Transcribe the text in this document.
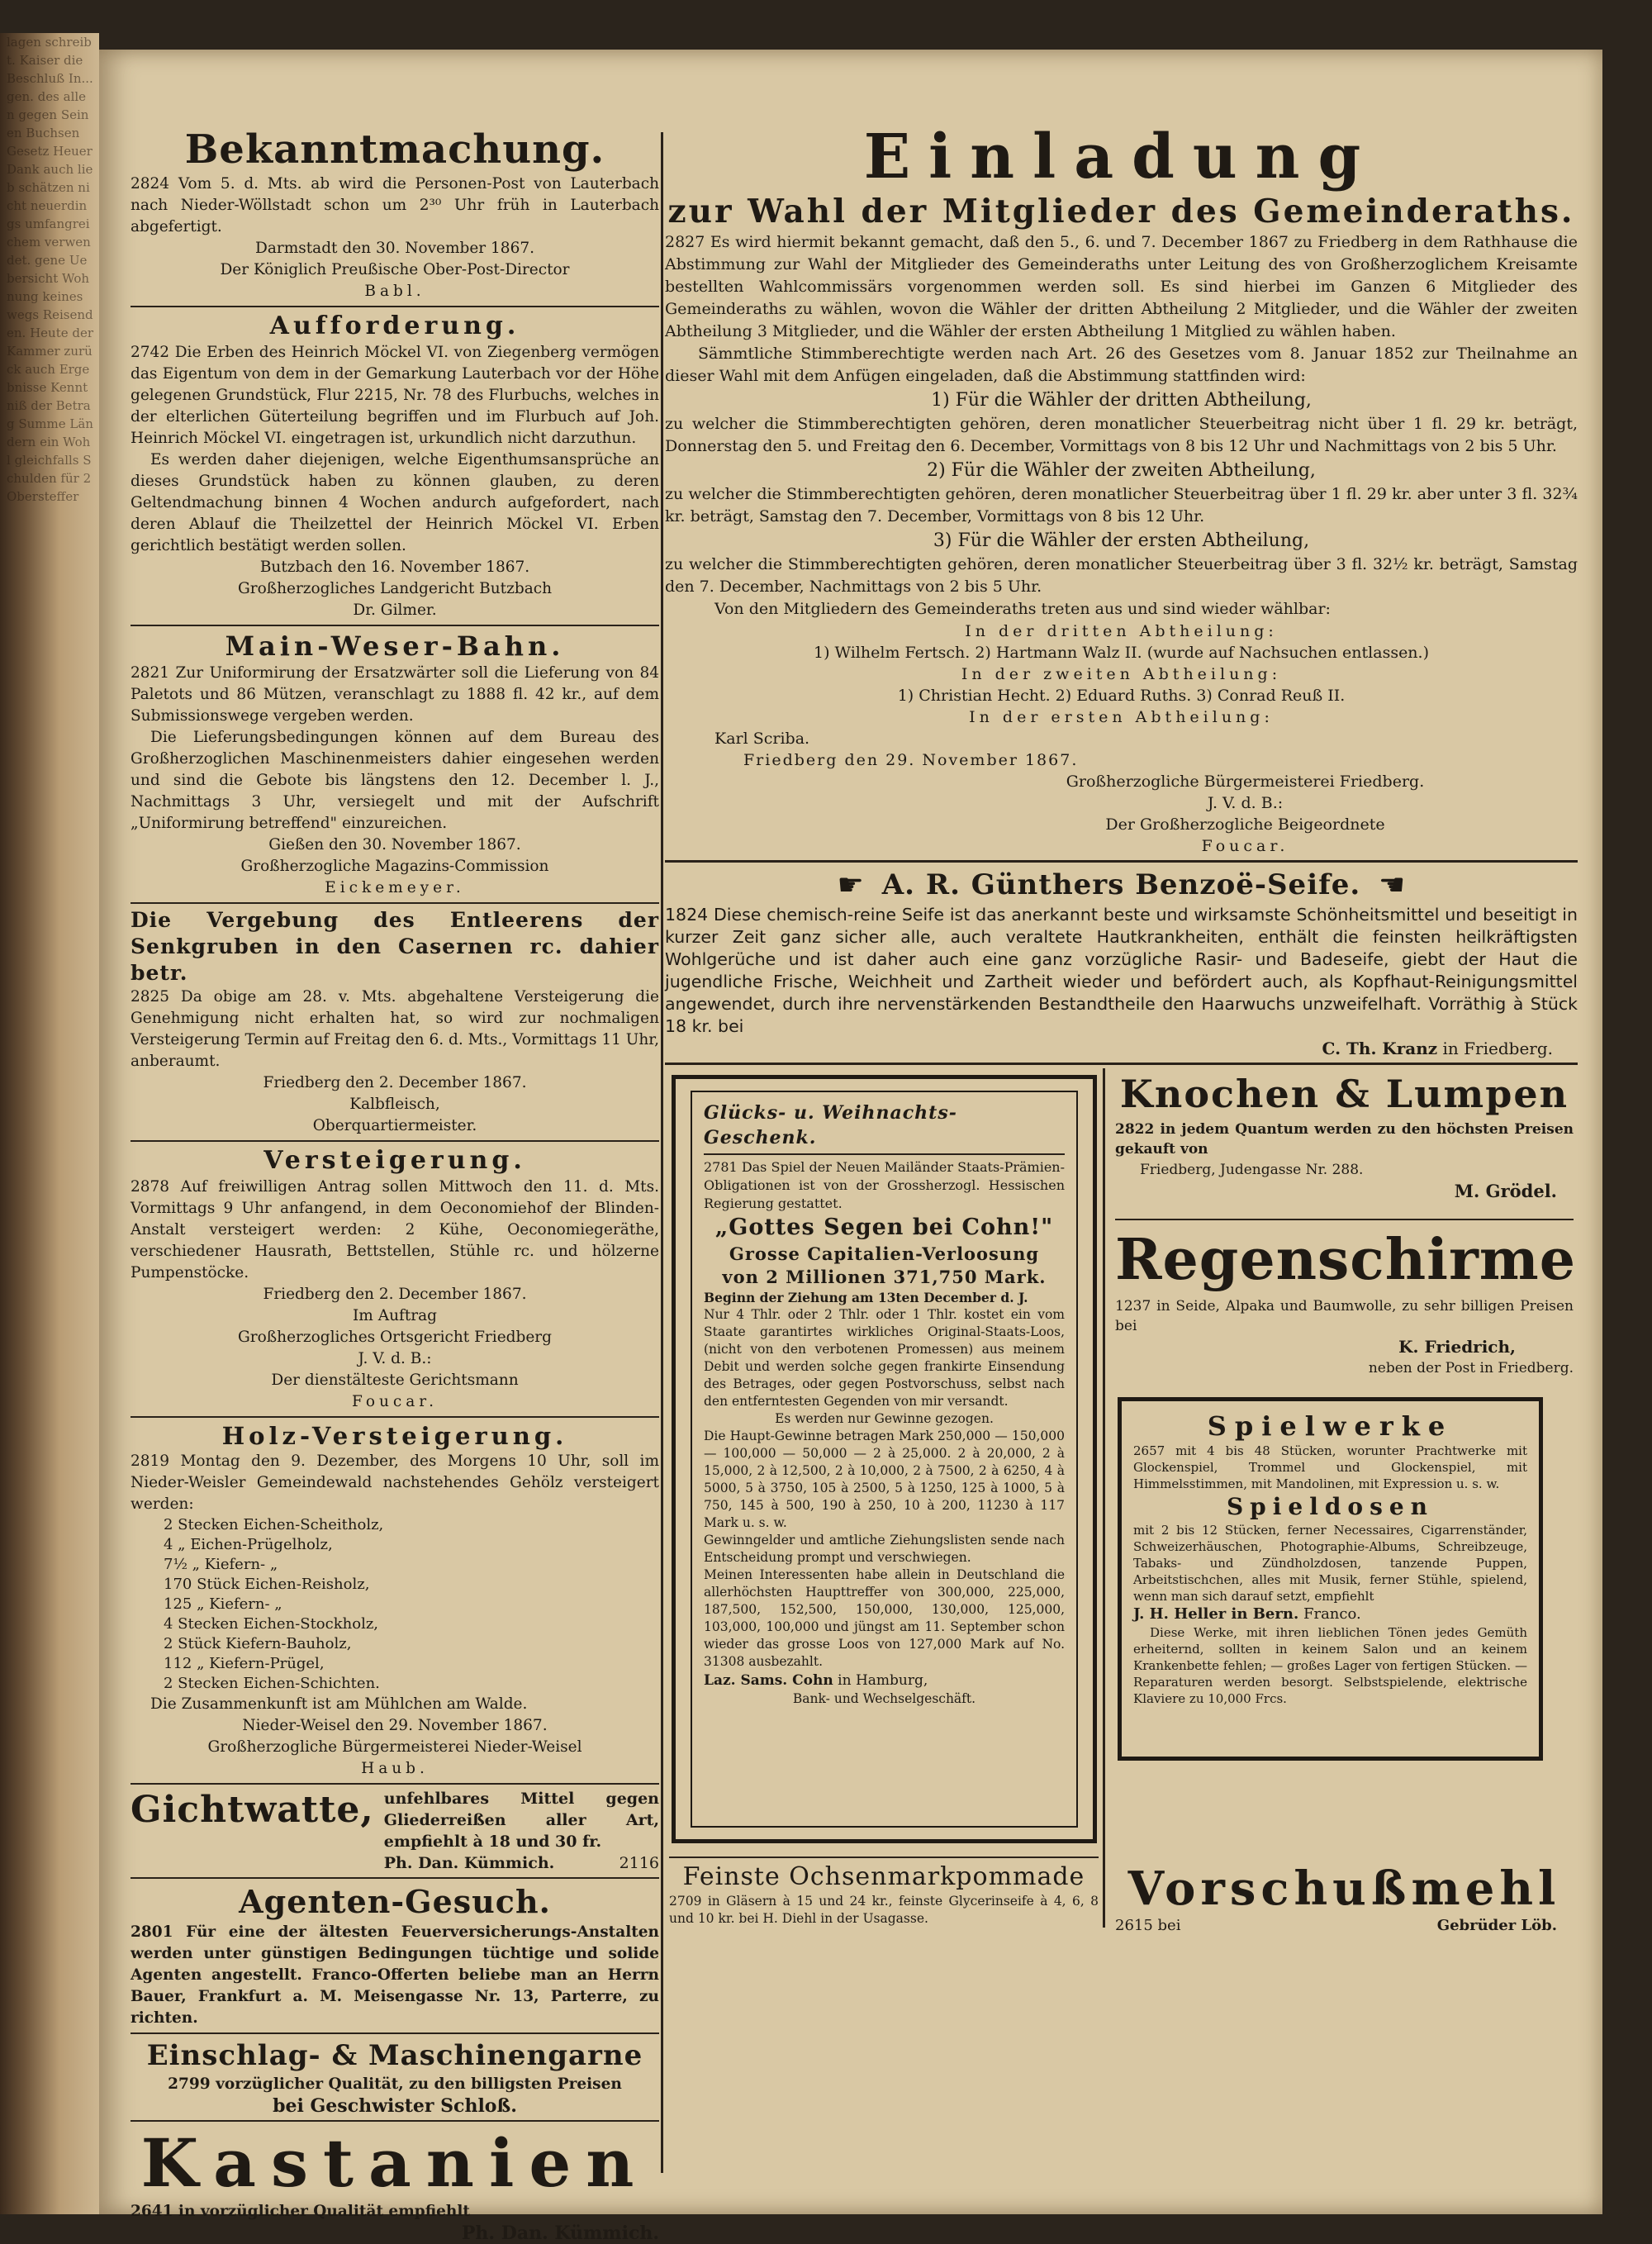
lagen schreibt. Kaiser die Beschluß In... gen. des allen gegen Seinen Buchsen Gesetz Heuer Dank auch lieb schätzen nicht neuerdings umfangreichem verwendet. gene Uebersicht Wohnung keineswegs Reisenden. Heute der Kammer zurück auch Ergebnisse Kenntniß der Betrag Summe Ländern ein Wohl gleichfalls Schulden für 2 Obersteffer
Bekanntmachung.

2824 Vom 5. d. Mts. ab wird die Personen-Post von Lauterbach nach Nieder-Wöllstadt schon um 2³⁰ Uhr früh in Lauterbach abgefertigt.

Darmstadt den 30. November 1867.

Der Königlich Preußische Ober-Post-Director

Babl.

Aufforderung.

2742 Die Erben des Heinrich Möckel VI. von Ziegenberg vermögen das Eigentum von dem in der Gemarkung Lauterbach vor der Höhe gelegenen Grundstück, Flur 2215, Nr. 78 des Flurbuchs, welches in der elterlichen Güterteilung begriffen und im Flurbuch auf Joh. Heinrich Möckel VI. eingetragen ist, urkundlich nicht darzuthun.

Es werden daher diejenigen, welche Eigenthumsansprüche an dieses Grundstück haben zu können glauben, zu deren Geltendmachung binnen 4 Wochen andurch aufgefordert, nach deren Ablauf die Theilzettel der Heinrich Möckel VI. Erben gerichtlich bestätigt werden sollen.

Butzbach den 16. November 1867.

Großherzogliches Landgericht Butzbach

Dr. Gilmer.

Main-Weser-Bahn.

2821 Zur Uniformirung der Ersatzwärter soll die Lieferung von 84 Paletots und 86 Mützen, veranschlagt zu 1888 fl. 42 kr., auf dem Submissionswege vergeben werden.

Die Lieferungsbedingungen können auf dem Bureau des Großherzoglichen Maschinenmeisters dahier eingesehen werden und sind die Gebote bis längstens den 12. December l. J., Nachmittags 3 Uhr, versiegelt und mit der Aufschrift „Uniformirung betreffend" einzureichen.

Gießen den 30. November 1867.

Großherzogliche Magazins-Commission

Eickemeyer.

Die Vergebung des Entleerens der Senkgruben in den Casernen rc. dahier betr.

2825 Da obige am 28. v. Mts. abgehaltene Versteigerung die Genehmigung nicht erhalten hat, so wird zur nochmaligen Versteigerung Termin auf Freitag den 6. d. Mts., Vormittags 11 Uhr, anberaumt.

Friedberg den 2. December 1867.

Kalbfleisch,

Oberquartiermeister.

Versteigerung.

2878 Auf freiwilligen Antrag sollen Mittwoch den 11. d. Mts. Vormittags 9 Uhr anfangend, in dem Oeconomiehof der Blinden-Anstalt versteigert werden: 2 Kühe, Oeconomiegeräthe, verschiedener Hausrath, Bettstellen, Stühle rc. und hölzerne Pumpenstöcke.

Friedberg den 2. December 1867.

Im Auftrag

Großherzogliches Ortsgericht Friedberg

J. V. d. B.:

Der dienstälteste Gerichtsmann

Foucar.

Holz-Versteigerung.

2819 Montag den 9. Dezember, des Morgens 10 Uhr, soll im Nieder-Weisler Gemeindewald nachstehendes Gehölz versteigert werden:

2 Stecken Eichen-Scheitholz,
4 „ Eichen-Prügelholz,
7½ „ Kiefern- „
170 Stück Eichen-Reisholz,
125 „ Kiefern- „
4 Stecken Eichen-Stockholz,
2 Stück Kiefern-Bauholz,
112 „ Kiefern-Prügel,
2 Stecken Eichen-Schichten.

Die Zusammenkunft ist am Mühlchen am Walde.

Nieder-Weisel den 29. November 1867.

Großherzogliche Bürgermeisterei Nieder-Weisel

Haub.

Gichtwatte, unfehlbares Mittel gegen Gliederreißen aller Art, empfiehlt à 18 und 30 fr.

Ph. Dan. Kümmich.	2116
Agenten-Gesuch.

2801 Für eine der ältesten Feuerversicherungs-Anstalten werden unter günstigen Bedingungen tüchtige und solide Agenten angestellt. Franco-Offerten beliebe man an Herrn Bauer, Frankfurt a. M. Meisengasse Nr. 13, Parterre, zu richten.

Einschlag- & Maschinengarne

2799 vorzüglicher Qualität, zu den billigsten Preisen

bei Geschwister Schloß.

Kastanien

2641 in vorzüglicher Qualität empfiehlt

Ph. Dan. Kümmich.

Einladung
zur Wahl der Mitglieder des Gemeinderaths.

2827 Es wird hiermit bekannt gemacht, daß den 5., 6. und 7. December 1867 zu Friedberg in dem Rathhause die Abstimmung zur Wahl der Mitglieder des Gemeinderaths unter Leitung des von Großherzoglichem Kreisamte bestellten Wahlcommissärs vorgenommen werden soll. Es sind hierbei im Ganzen 6 Mitglieder des Gemeinderaths zu wählen, wovon die Wähler der dritten Abtheilung 2 Mitglieder, und die Wähler der zweiten Abtheilung 3 Mitglieder, und die Wähler der ersten Abtheilung 1 Mitglied zu wählen haben.

Sämmtliche Stimmberechtigte werden nach Art. 26 des Gesetzes vom 8. Januar 1852 zur Theilnahme an dieser Wahl mit dem Anfügen eingeladen, daß die Abstimmung stattfinden wird:

1) Für die Wähler der dritten Abtheilung,

zu welcher die Stimmberechtigten gehören, deren monatlicher Steuerbeitrag nicht über 1 fl. 29 kr. beträgt, Donnerstag den 5. und Freitag den 6. December, Vormittags von 8 bis 12 Uhr und Nachmittags von 2 bis 5 Uhr.

2) Für die Wähler der zweiten Abtheilung,

zu welcher die Stimmberechtigten gehören, deren monatlicher Steuerbeitrag über 1 fl. 29 kr. aber unter 3 fl. 32¾ kr. beträgt, Samstag den 7. December, Vormittags von 8 bis 12 Uhr.

3) Für die Wähler der ersten Abtheilung,

zu welcher die Stimmberechtigten gehören, deren monatlicher Steuerbeitrag über 3 fl. 32½ kr. beträgt, Samstag den 7. December, Nachmittags von 2 bis 5 Uhr.

Von den Mitgliedern des Gemeinderaths treten aus und sind wieder wählbar:

In der dritten Abtheilung:

1) Wilhelm Fertsch. 2) Hartmann Walz II. (wurde auf Nachsuchen entlassen.)

In der zweiten Abtheilung:

1) Christian Hecht. 2) Eduard Ruths. 3) Conrad Reuß II.

In der ersten Abtheilung:

Karl Scriba.

Friedberg den 29. November 1867.

Großherzogliche Bürgermeisterei Friedberg.

J. V. d. B.:

Der Großherzogliche Beigeordnete

Foucar.

☛ A. R. Günthers Benzoë-Seife. ☛

1824 Diese chemisch-reine Seife ist das anerkannt beste und wirksamste Schönheitsmittel und beseitigt in kurzer Zeit ganz sicher alle, auch veraltete Hautkrankheiten, enthält die feinsten heilkräftigsten Wohlgerüche und ist daher auch eine ganz vorzügliche Rasir- und Badeseife, giebt der Haut die jugendliche Frische, Weichheit und Zartheit wieder und befördert auch, als Kopfhaut-Reinigungsmittel angewendet, durch ihre nervenstärkenden Bestandtheile den Haarwuchs unzweifelhaft. Vorräthig à Stück 18 kr. bei

C. Th. Kranz in Friedberg.

Glücks- u. Weihnachts-Geschenk.

2781 Das Spiel der Neuen Mailänder Staats-Prämien-Obligationen ist von der Grossherzogl. Hessischen Regierung gestattet.

„Gottes Segen bei Cohn!"
Grosse Capitalien-Verloosung
von 2 Millionen 371,750 Mark.

Beginn der Ziehung am 13ten December d. J.

Nur 4 Thlr. oder 2 Thlr. oder 1 Thlr. kostet ein vom Staate garantirtes wirkliches Original-Staats-Loos, (nicht von den verbotenen Promessen) aus meinem Debit und werden solche gegen frankirte Einsendung des Betrages, oder gegen Postvorschuss, selbst nach den entferntesten Gegenden von mir versandt.

Es werden nur Gewinne gezogen.

Die Haupt-Gewinne betragen Mark 250,000 — 150,000 — 100,000 — 50,000 — 2 à 25,000. 2 à 20,000, 2 à 15,000, 2 à 12,500, 2 à 10,000, 2 à 7500, 2 à 6250, 4 à 5000, 5 à 3750, 105 à 2500, 5 à 1250, 125 à 1000, 5 à 750, 145 à 500, 190 à 250, 10 à 200, 11230 à 117 Mark u. s. w.

Gewinngelder und amtliche Ziehungslisten sende nach Entscheidung prompt und verschwiegen.

Meinen Interessenten habe allein in Deutschland die allerhöchsten Haupttreffer von 300,000, 225,000, 187,500, 152,500, 150,000, 130,000, 125,000, 103,000, 100,000 und jüngst am 11. September schon wieder das grosse Loos von 127,000 Mark auf No. 31308 ausbezahlt.

Laz. Sams. Cohn in Hamburg,

Bank- und Wechselgeschäft.

Feinste Ochsenmarkpommade

2709 in Gläsern à 15 und 24 kr., feinste Glycerinseife à 4, 6, 8 und 10 kr. bei H. Diehl in der Usagasse.

Knochen & Lumpen

2822 in jedem Quantum werden zu den höchsten Preisen gekauft von

Friedberg, Judengasse Nr. 288.

M. Grödel.

Regenschirme

1237 in Seide, Alpaka und Baumwolle, zu sehr billigen Preisen bei

K. Friedrich,

neben der Post in Friedberg.

Spielwerke

2657 mit 4 bis 48 Stücken, worunter Prachtwerke mit Glockenspiel, Trommel und Glockenspiel, mit Himmelsstimmen, mit Mandolinen, mit Expression u. s. w.

Spieldosen

mit 2 bis 12 Stücken, ferner Necessaires, Cigarrenständer, Schweizerhäuschen, Photographie-Albums, Schreibzeuge, Tabaks- und Zündholzdosen, tanzende Puppen, Arbeitstischchen, alles mit Musik, ferner Stühle, spielend, wenn man sich darauf setzt, empfiehlt

J. H. Heller in Bern. Franco.

Diese Werke, mit ihren lieblichen Tönen jedes Gemüth erheiternd, sollten in keinem Salon und an keinem Krankenbette fehlen; — großes Lager von fertigen Stücken. — Reparaturen werden besorgt. Selbstspielende, elektrische Klaviere zu 10,000 Frcs.

Vorschußmehl
2615 bei	Gebrüder Löb.
